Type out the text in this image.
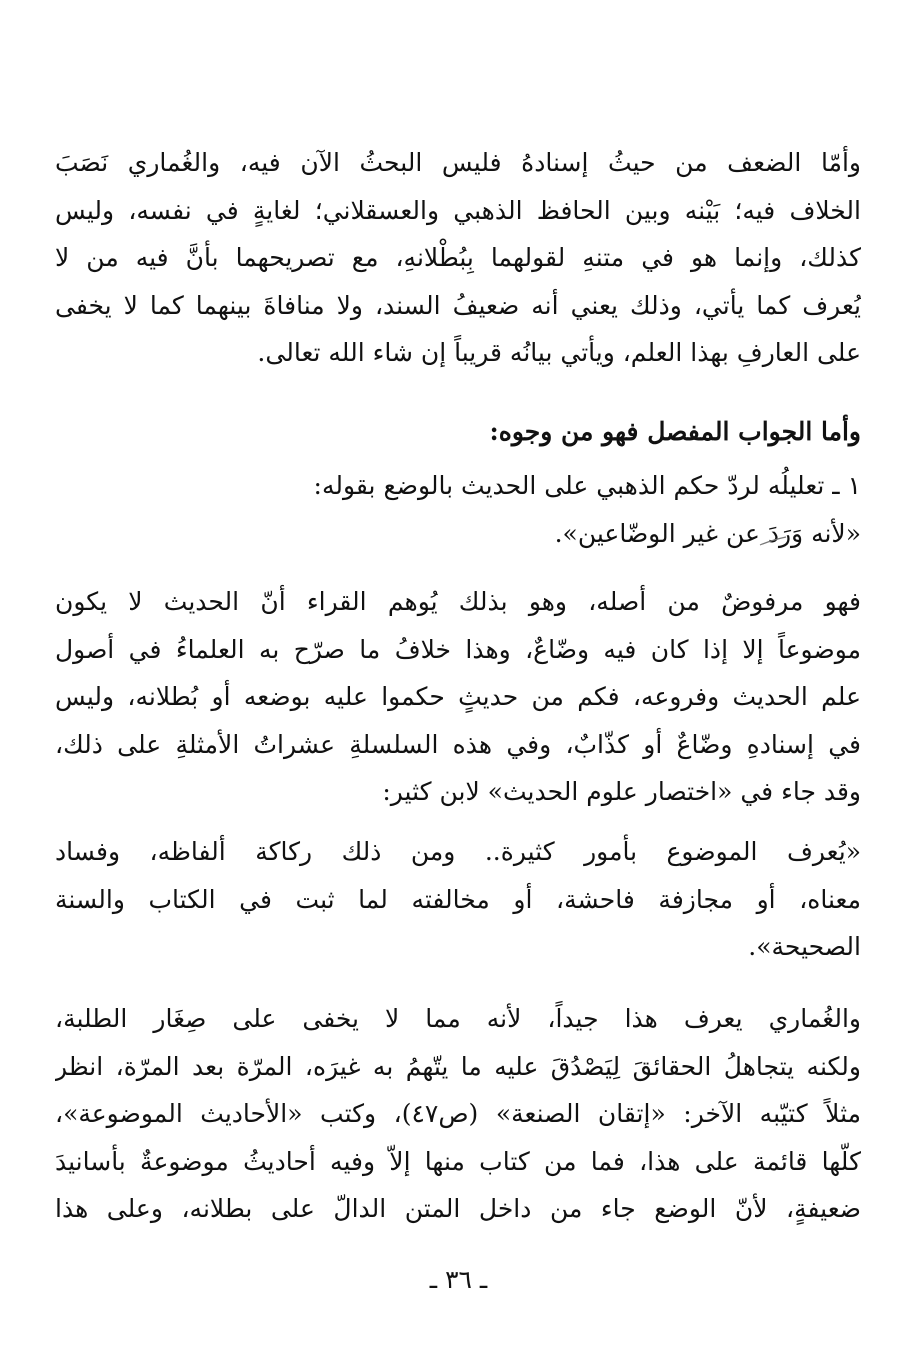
وأمّا الضعف من حيثُ إسنادهُ فليس البحثُ الآن فيه، والغُماري نَصَبَ
الخلاف فيه؛ بَيْنه وبين الحافظ الذهبي والعسقلاني؛ لغايةٍ في نفسه، وليس
كذلك، وإنما هو في متنهِ لقولهما بِبُطْلانهِ، مع تصريحهما بأنَّ فيه من لا
يُعرف كما يأتي، وذلك يعني أنه ضعيفُ السند، ولا منافاةَ بينهما كما لا يخفى
على العارفِ بهذا العلم، ويأتي بيانُه قريباً إن شاء الله تعالى.
وأما الجواب المفصل فهو من وجوه:
١ ـ تعليلُه لردّ حكم الذهبي على الحديث بالوضع بقوله:
«لأنه وَرَدَ عن غير الوضّاعين».
فهو مرفوضٌ من أصله، وهو بذلك يُوهم القراء أنّ الحديث لا يكون
موضوعاً إلا إذا كان فيه وضّاعٌ، وهذا خلافُ ما صرّح به العلماءُ في أصول
علم الحديث وفروعه، فكم من حديثٍ حكموا عليه بوضعه أو بُطلانه، وليس
في إسنادهِ وضّاعٌ أو كذّابٌ، وفي هذه السلسلةِ عشراتُ الأمثلةِ على ذلك،
وقد جاء في «اختصار علوم الحديث» لابن كثير:
«يُعرف الموضوع بأمور كثيرة.. ومن ذلك ركاكة ألفاظه، وفساد
معناه، أو مجازفة فاحشة، أو مخالفته لما ثبت في الكتاب والسنة
الصحيحة».
والغُماري يعرف هذا جيداً، لأنه مما لا يخفى على صِغَار الطلبة،
ولكنه يتجاهلُ الحقائقَ لِيَصْدُقَ عليه ما يتّهمُ به غيرَه، المرّة بعد المرّة، انظر
مثلاً كتيّبه الآخر: «إتقان الصنعة» (ص٤٧)، وكتب «الأحاديث الموضوعة»،
كلّها قائمة على هذا، فما من كتاب منها إلاّ وفيه أحاديثُ موضوعةٌ بأسانيدَ
ضعيفةٍ، لأنّ الوضع جاء من داخل المتن الدالّ على بطلانه، وعلى هذا
ـ ٣٦ ـ
